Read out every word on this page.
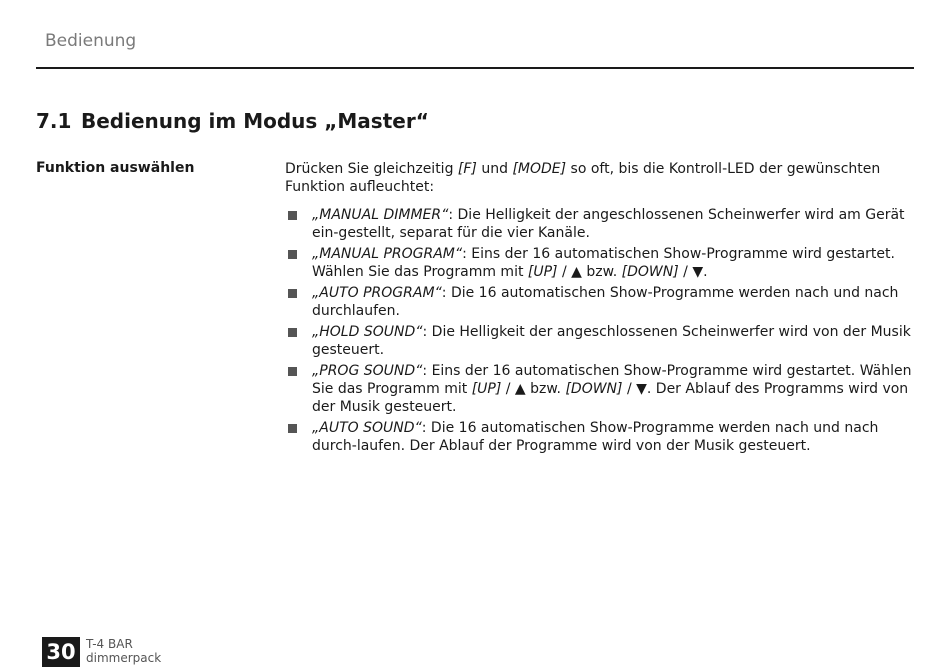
Bedienung
7.1 Bedienung im Modus „Master“
Funktion auswählen	Drücken Sie gleichzeitig [F] und [MODE] so oft, bis die Kontroll-LED der gewünschten Funktion aufleuchtet:

„MANUAL DIMMER“: Die Helligkeit der angeschlossenen Scheinwerfer wird am Gerät ein-gestellt, separat für die vier Kanäle.
„MANUAL PROGRAM“: Eins der 16 automatischen Show-Programme wird gestartet. Wählen Sie das Programm mit [UP] / ▲ bzw. [DOWN] / ▼.
„AUTO PROGRAM“: Die 16 automatischen Show-Programme werden nach und nach durchlaufen.
„HOLD SOUND“: Die Helligkeit der angeschlossenen Scheinwerfer wird von der Musik gesteuert.
„PROG SOUND“: Eins der 16 automatischen Show-Programme wird gestartet. Wählen Sie das Programm mit [UP] / ▲ bzw. [DOWN] / ▼. Der Ablauf des Programms wird von der Musik gesteuert.
„AUTO SOUND“: Die 16 automatischen Show-Programme werden nach und nach durch-laufen. Der Ablauf der Programme wird von der Musik gesteuert.
30 T-4 BAR
dimmerpack
